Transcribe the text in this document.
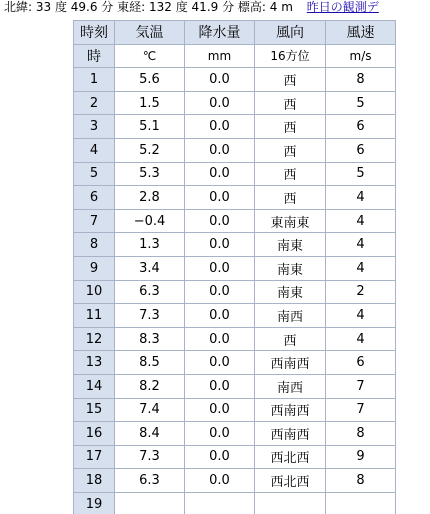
北緯: 33 度 49.6 分 東経: 132 度 41.9 分 標高: 4 m 昨日の観測デ
時刻	気温	降水量	風向	風速
時	℃	mm	16方位	m/s
1	5.6	0.0	西	8
2	1.5	0.0	西	5
3	5.1	0.0	西	6
4	5.2	0.0	西	6
5	5.3	0.0	西	5
6	2.8	0.0	西	4
7	−0.4	0.0	東南東	4
8	1.3	0.0	南東	4
9	3.4	0.0	南東	4
10	6.3	0.0	南東	2
11	7.3	0.0	南西	4
12	8.3	0.0	西	4
13	8.5	0.0	西南西	6
14	8.2	0.0	南西	7
15	7.4	0.0	西南西	7
16	8.4	0.0	西南西	8
17	7.3	0.0	西北西	9
18	6.3	0.0	西北西	8
19				
